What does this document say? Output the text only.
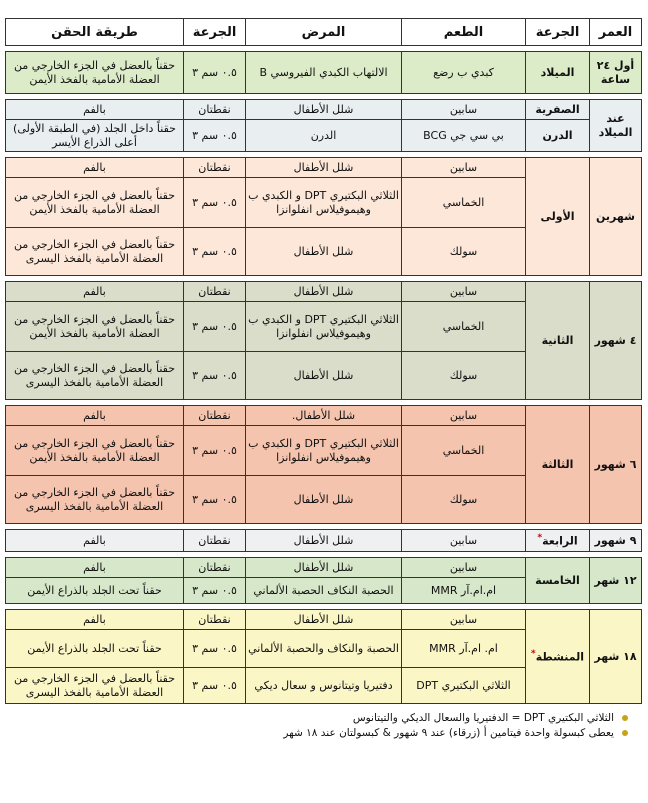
العمر	الجرعة	الطعم	المرض	الجرعة	طريقة الحقن
أول ٢٤ ساعة	الميلاد	كبدي ب رضع	الالتهاب الكبدي الفيروسي B	٠.٥ سم ٣	حقناً بالعضل في الجزء الخارجي من العضلة الأمامية بالفخذ الأيمن
عند الميلاد	الصفرية	سابين	شلل الأطفال	نقطتان	بالفم
	الدرن	بي سي جي BCG	الدرن	٠.٥ سم ٣	حقناً داخل الجلد (في الطبقة الأولى) أعلى الذراع الأيسر
شهرين	الأولى	سابين	شلل الأطفال	نقطتان	بالفم
		الخماسي	الثلاثي البكتيري DPT و الكبدي ب وهيموفيلاس انفلوانزا	٠.٥ سم ٣	حقناً بالعضل في الجزء الخارجي من العضلة الأمامية بالفخذ الأيمن
		سولك	شلل الأطفال	٠.٥ سم ٣	حقناً بالعضل في الجزء الخارجي من العضلة الأمامية بالفخذ اليسرى
٤ شهور	الثانية	سابين	شلل الأطفال	نقطتان	بالفم
		الخماسي	الثلاثي البكتيري DPT و الكبدي ب وهيموفيلاس انفلوانزا	٠.٥ سم ٣	حقناً بالعضل في الجزء الخارجي من العضلة الأمامية بالفخذ الأيمن
		سولك	شلل الأطفال	٠.٥ سم ٣	حقناً بالعضل في الجزء الخارجي من العضلة الأمامية بالفخذ اليسرى
٦ شهور	الثالثة	سابين	شلل الأطفال.	نقطتان	بالفم
		الخماسي	الثلاثي البكتيري DPT و الكبدي ب وهيموفيلاس انفلوانزا	٠.٥ سم ٣	حقناً بالعضل في الجزء الخارجي من العضلة الأمامية بالفخذ الأيمن
		سولك	شلل الأطفال	٠.٥ سم ٣	حقناً بالعضل في الجزء الخارجي من العضلة الأمامية بالفخذ اليسرى
٩ شهور	الرابعة*	سابين	شلل الأطفال	نقطتان	بالفم
١٢ شهر	الخامسة	سابين	شلل الأطفال	نقطتان	بالفم
		ام.ام.آر MMR	الحصبة النكاف الحصبة الألماني	٠.٥ سم ٣	حقناً تحت الجلد بالذراع الأيمن
١٨ شهر	المنشطة*	سابين	شلل الأطفال	نقطتان	بالفم
		ام. ام.آر MMR	الحصبة والنكاف والحصبة الألماني	٠.٥ سم ٣	حقناً تحت الجلد بالذراع الأيمن
		الثلاثي البكتيري DPT	دفتيريا وتيتانوس و سعال ديكي	٠.٥ سم ٣	حقناً بالعضل في الجزء الخارجي من العضلة الأمامية بالفخذ اليسرى
الثلاثي البكتيري DPT = الدفتيريا والسعال الديكي والتيتانوس
يعطى كبسولة واحدة فيتامين أ (زرقاء) عند ٩ شهور & كبسولتان عند ١٨ شهر
